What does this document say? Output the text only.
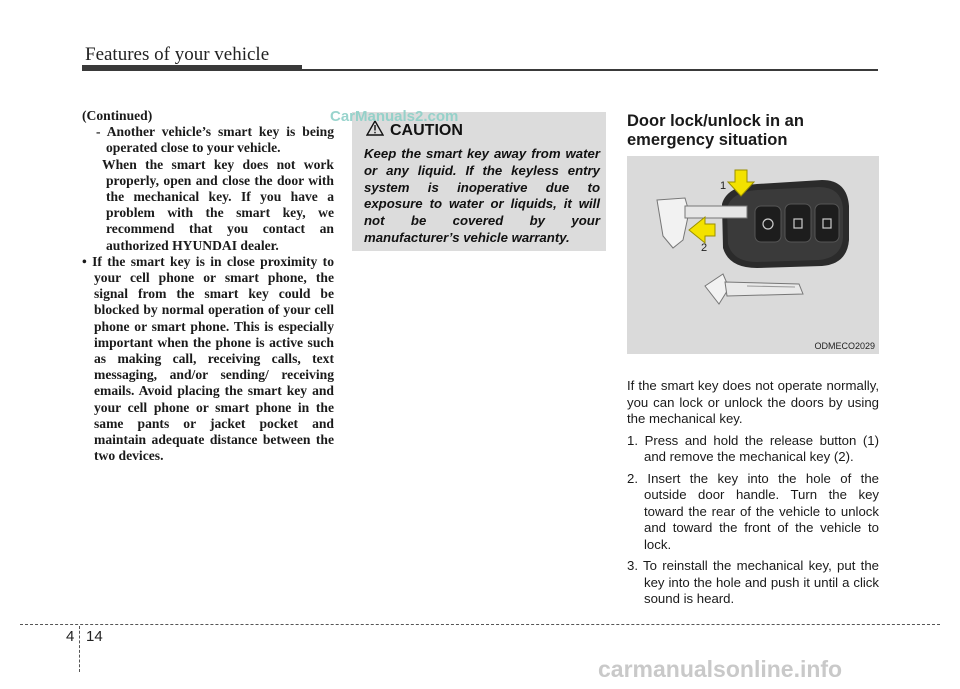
Features of your vehicle

(Continued)

- Another vehicle’s smart key is being operated close to your vehicle.

When the smart key does not work properly, open and close the door with the mechanical key. If you have a problem with the smart key, we recommend that you contact an authorized HYUNDAI dealer.

• If the smart key is in close proximity to your cell phone or smart phone, the signal from the smart key could be blocked by normal operation of your cell phone or smart phone. This is especially important when the phone is active such as making call, receiving calls, text messaging, and/or sending/ receiving emails. Avoid placing the smart key and your cell phone or smart phone in the same pants or jacket pocket and maintain adequate distance between the two devices.

CAUTION
Keep the smart key away from water or any liquid. If the keyless entry system is inoperative due to exposure to water or liquids, it will not be covered by your manufacturer’s vehicle warranty.
CarManuals2.com	Door lock/unlock in an emergency situation

1
2
ODMECO2029

If the smart key does not operate normally, you can lock or unlock the doors by using the mechanical key.

1. Press and hold the release button (1) and remove the mechanical key (2).

2. Insert the key into the hole of the outside door handle. Turn the key toward the rear of the vehicle to unlock and toward the front of the vehicle to lock.

3. To reinstall the mechanical key, put the key into the hole and push it until a click sound is heard.

4 14
carmanualsonline.info
